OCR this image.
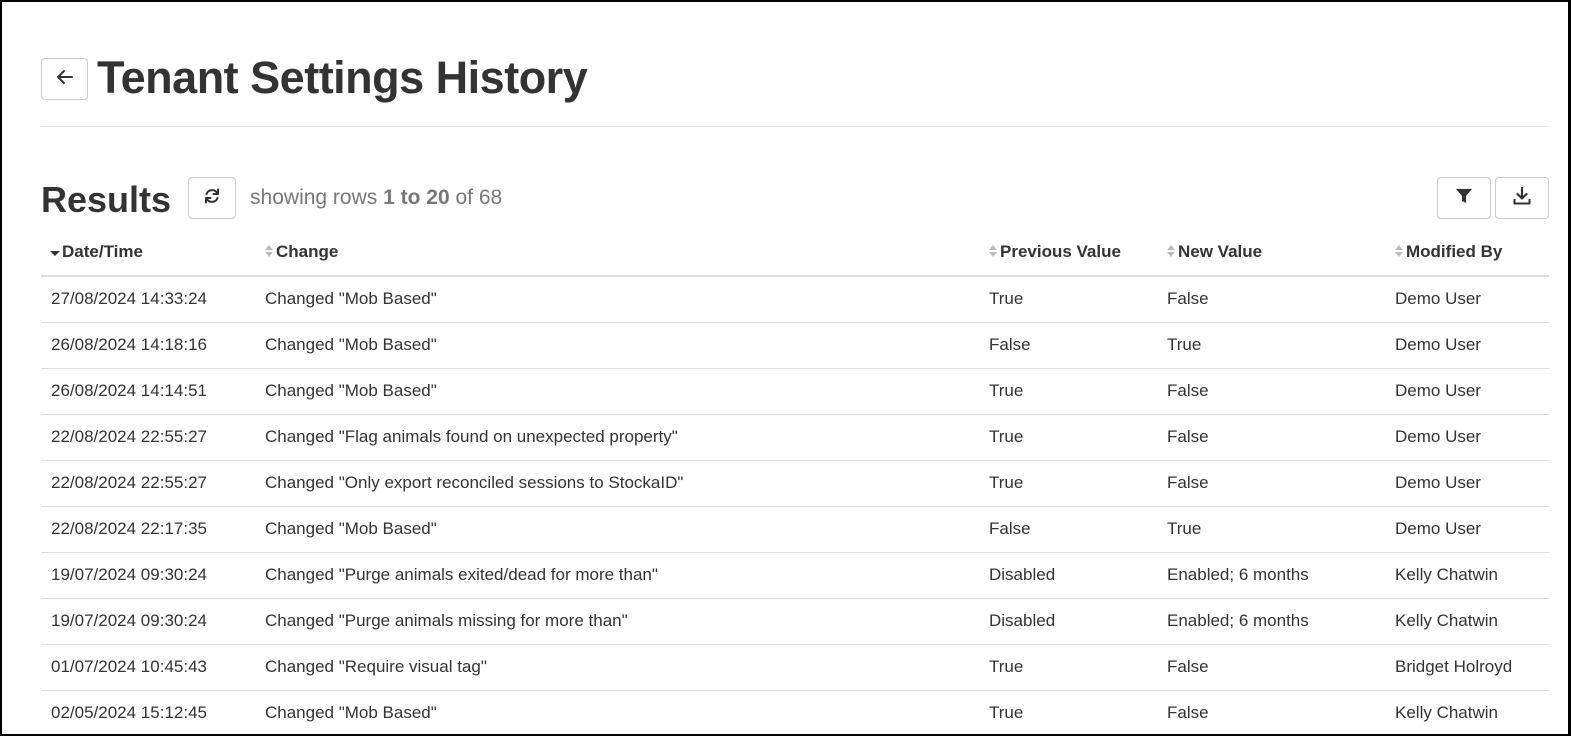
Tenant Settings History
Results	showing rows 1 to 20 of 68
Date/Time	Change	Previous Value	New Value	Modified By
27/08/2024 14:33:24	Changed "Mob Based"	True	False	Demo User
26/08/2024 14:18:16	Changed "Mob Based"	False	True	Demo User
26/08/2024 14:14:51	Changed "Mob Based"	True	False	Demo User
22/08/2024 22:55:27	Changed "Flag animals found on unexpected property"	True	False	Demo User
22/08/2024 22:55:27	Changed "Only export reconciled sessions to StockaID"	True	False	Demo User
22/08/2024 22:17:35	Changed "Mob Based"	False	True	Demo User
19/07/2024 09:30:24	Changed "Purge animals exited/dead for more than"	Disabled	Enabled; 6 months	Kelly Chatwin
19/07/2024 09:30:24	Changed "Purge animals missing for more than"	Disabled	Enabled; 6 months	Kelly Chatwin
01/07/2024 10:45:43	Changed "Require visual tag"	True	False	Bridget Holroyd
02/05/2024 15:12:45	Changed "Mob Based"	True	False	Kelly Chatwin
